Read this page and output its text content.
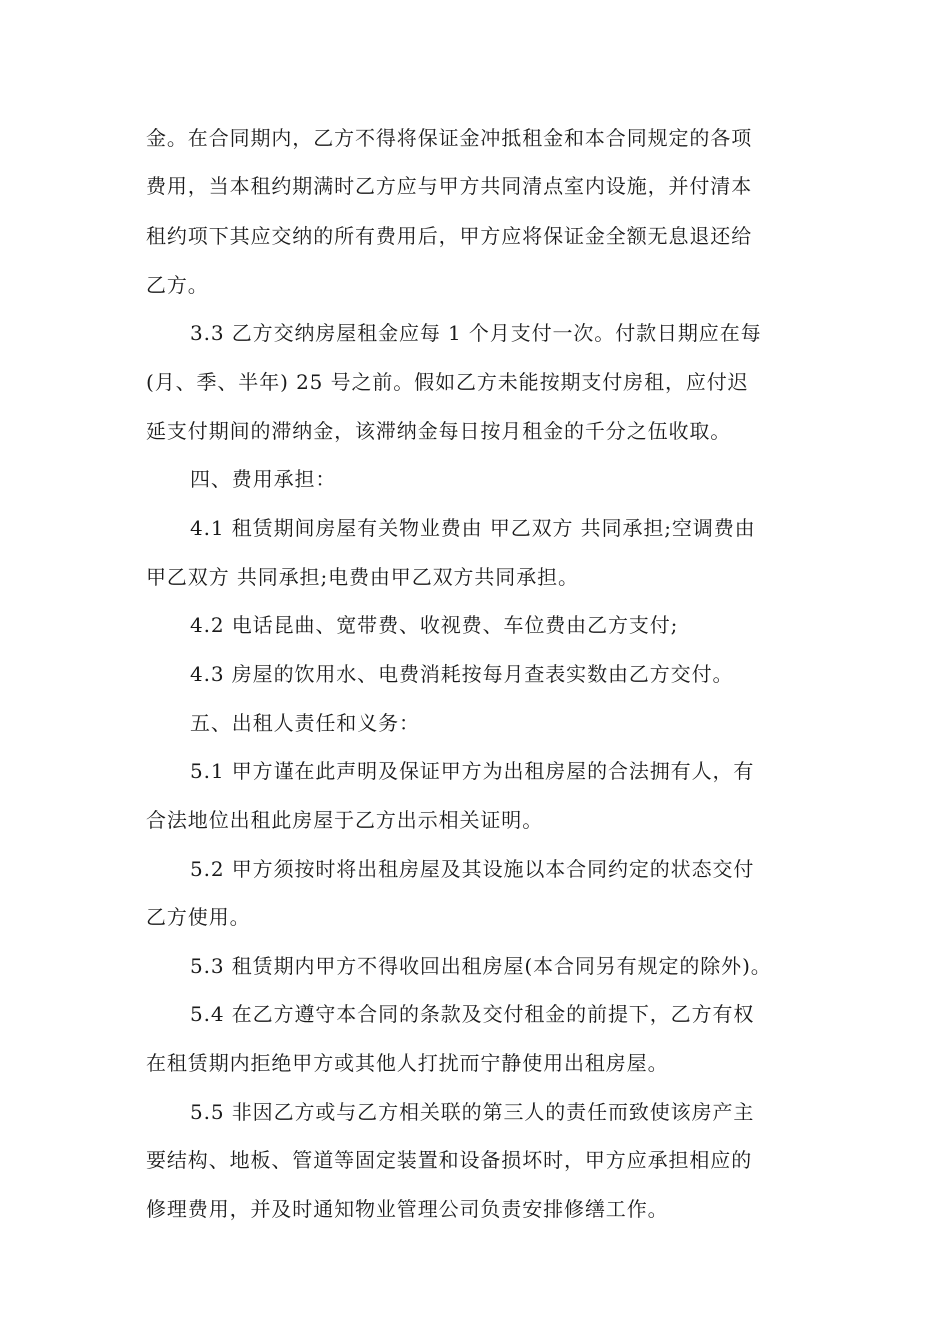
金。在合同期内，乙方不得将保证金冲抵租金和本合同规定的各项
费用，当本租约期满时乙方应与甲方共同清点室内设施，并付清本
租约项下其应交纳的所有费用后，甲方应将保证金全额无息退还给
乙方。
3.3 乙方交纳房屋租金应每 1 个月支付一次。付款日期应在每
(月、季、半年) 25 号之前。假如乙方未能按期支付房租，应付迟
延支付期间的滞纳金，该滞纳金每日按月租金的千分之伍收取。
四、费用承担：
4.1 租赁期间房屋有关物业费由 甲乙双方 共同承担;空调费由
甲乙双方 共同承担;电费由甲乙双方共同承担。
4.2 电话昆曲、宽带费、收视费、车位费由乙方支付;
4.3 房屋的饮用水、电费消耗按每月查表实数由乙方交付。
五、出租人责任和义务：
5.1 甲方谨在此声明及保证甲方为出租房屋的合法拥有人，有
合法地位出租此房屋于乙方出示相关证明。
5.2 甲方须按时将出租房屋及其设施以本合同约定的状态交付
乙方使用。
5.3 租赁期内甲方不得收回出租房屋(本合同另有规定的除外)。
5.4 在乙方遵守本合同的条款及交付租金的前提下，乙方有权
在租赁期内拒绝甲方或其他人打扰而宁静使用出租房屋。
5.5 非因乙方或与乙方相关联的第三人的责任而致使该房产主
要结构、地板、管道等固定装置和设备损坏时，甲方应承担相应的
修理费用，并及时通知物业管理公司负责安排修缮工作。
